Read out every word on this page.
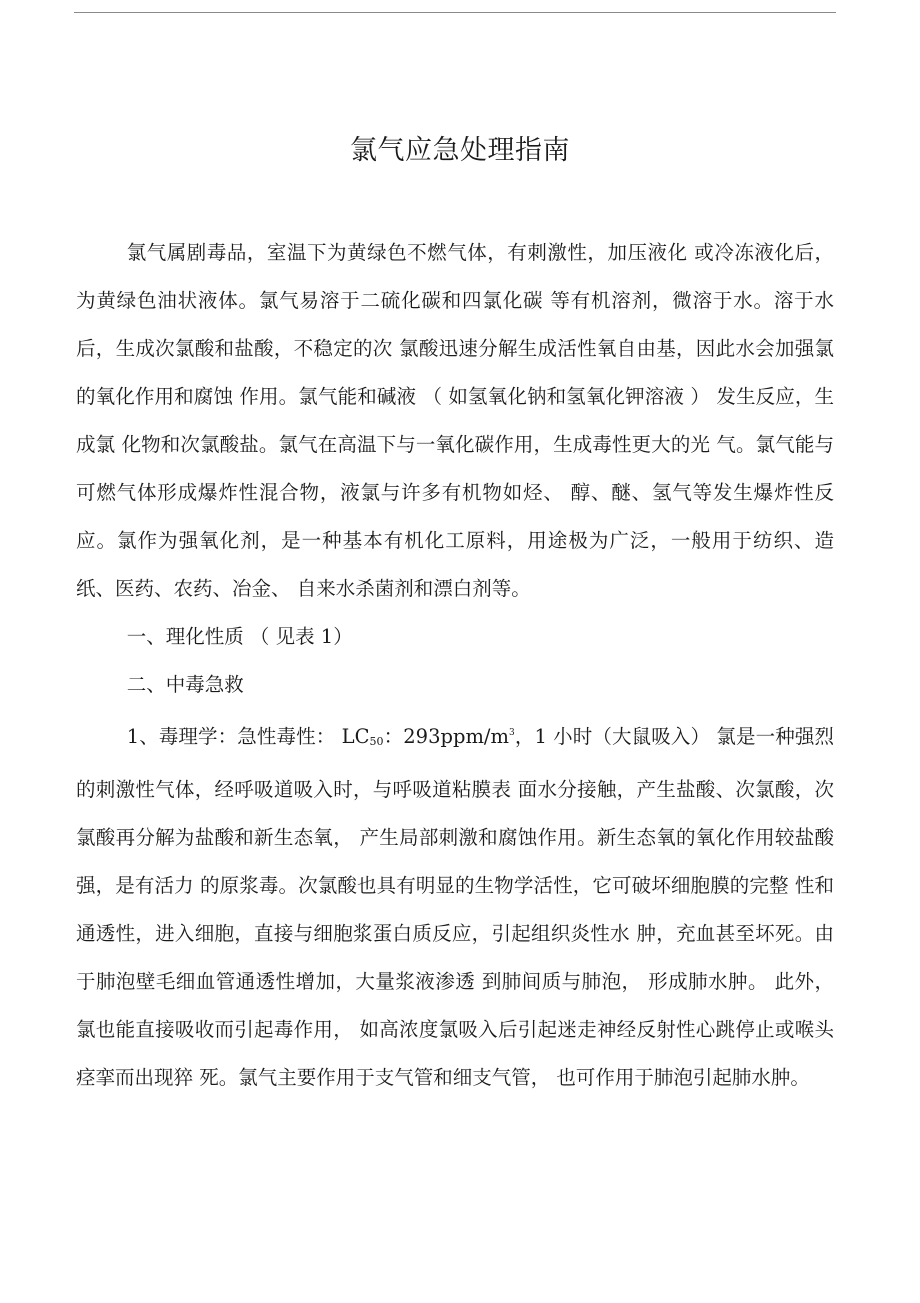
氯气应急处理指南

氯气属剧毒品，室温下为黄绿色不燃气体，有刺激性，加压液化 或冷冻液化后，为黄绿色油状液体。氯气易溶于二硫化碳和四氯化碳 等有机溶剂，微溶于水。溶于水后，生成次氯酸和盐酸，不稳定的次 氯酸迅速分解生成活性氧自由基，因此水会加强氯的氧化作用和腐蚀 作用。氯气能和碱液 （ 如氢氧化钠和氢氧化钾溶液 ） 发生反应，生成氯 化物和次氯酸盐。氯气在高温下与一氧化碳作用，生成毒性更大的光 气。氯气能与可燃气体形成爆炸性混合物，液氯与许多有机物如烃、 醇、醚、氢气等发生爆炸性反应。氯作为强氧化剂，是一种基本有机化工原料，用途极为广泛，一般用于纺织、造纸、医药、农药、冶金、 自来水杀菌剂和漂白剂等。

一、理化性质 （ 见表 1）

二、中毒急救

1、毒理学：急性毒性： $LC_{50}$：$293ppm/m^3$，1 小时（大鼠吸入） 氯是一种强烈的刺激性气体，经呼吸道吸入时，与呼吸道粘膜表 面水分接触，产生盐酸、次氯酸，次氯酸再分解为盐酸和新生态氧， 产生局部刺激和腐蚀作用。新生态氧的氧化作用较盐酸强，是有活力 的原浆毒。次氯酸也具有明显的生物学活性，它可破坏细胞膜的完整 性和通透性，进入细胞，直接与细胞浆蛋白质反应，引起组织炎性水 肿，充血甚至坏死。由于肺泡壁毛细血管通透性增加，大量浆液渗透 到肺间质与肺泡， 形成肺水肿。 此外， 氯也能直接吸收而引起毒作用， 如高浓度氯吸入后引起迷走神经反射性心跳停止或喉头痉挛而出现猝 死。氯气主要作用于支气管和细支气管， 也可作用于肺泡引起肺水肿。
